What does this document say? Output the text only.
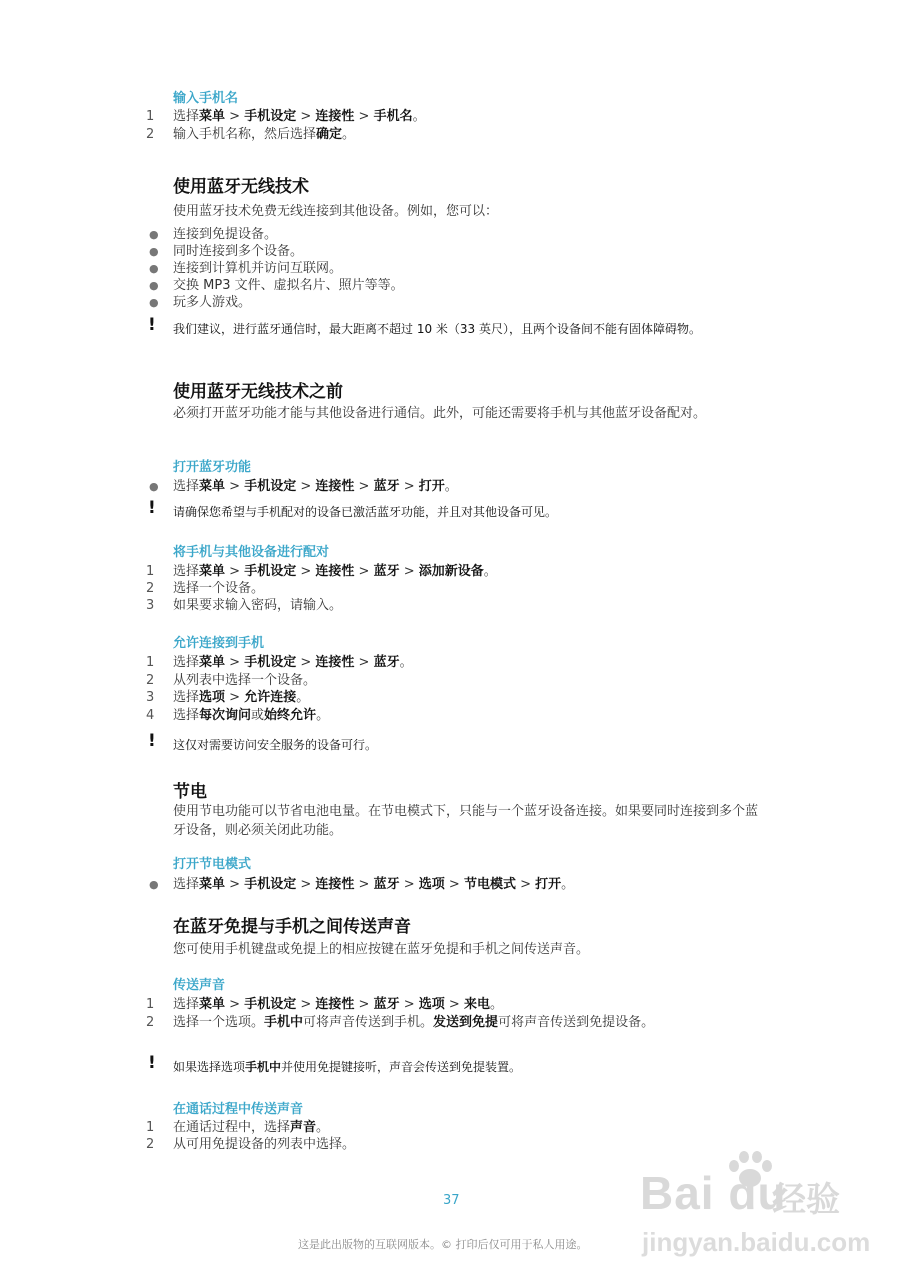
输入手机名
1	选择菜单 > 手机设定 > 连接性 > 手机名。
2	输入手机名称，然后选择确定。
使用蓝牙无线技术
使用蓝牙技术免费无线连接到其他设备。例如，您可以：
● 连接到免提设备。
● 同时连接到多个设备。
● 连接到计算机并访问互联网。
● 交换 MP3 文件、虚拟名片、照片等等。
● 玩多人游戏。
! 我们建议，进行蓝牙通信时，最大距离不超过 10 米（33 英尺），且两个设备间不能有固体障碍物。
使用蓝牙无线技术之前
必须打开蓝牙功能才能与其他设备进行通信。此外，可能还需要将手机与其他蓝牙设备配对。
打开蓝牙功能
● 选择菜单 > 手机设定 > 连接性 > 蓝牙 > 打开。
! 请确保您希望与手机配对的设备已激活蓝牙功能，并且对其他设备可见。
将手机与其他设备进行配对
1	选择菜单 > 手机设定 > 连接性 > 蓝牙 > 添加新设备。
2	选择一个设备。
3	如果要求输入密码，请输入。
允许连接到手机
1	选择菜单 > 手机设定 > 连接性 > 蓝牙。
2	从列表中选择一个设备。
3	选择选项 > 允许连接。
4	选择每次询问或始终允许。
! 这仅对需要访问安全服务的设备可行。
节电
使用节电功能可以节省电池电量。在节电模式下，只能与一个蓝牙设备连接。如果要同时连接到多个蓝牙设备，则必须关闭此功能。
打开节电模式
● 选择菜单 > 手机设定 > 连接性 > 蓝牙 > 选项 > 节电模式 > 打开。
在蓝牙免提与手机之间传送声音
您可使用手机键盘或免提上的相应按键在蓝牙免提和手机之间传送声音。
传送声音
1	选择菜单 > 手机设定 > 连接性 > 蓝牙 > 选项 > 来电。
2	选择一个选项。手机中可将声音传送到手机。发送到免提可将声音传送到免提设备。
! 如果选择选项手机中并使用免提键接听，声音会传送到免提装置。
在通话过程中传送声音
1	在通话过程中，选择声音。
2	从可用免提设备的列表中选择。
37
这是此出版物的互联网版本。© 打印后仅可用于私人用途。
Bai du
经验
jingyan.baidu.com
